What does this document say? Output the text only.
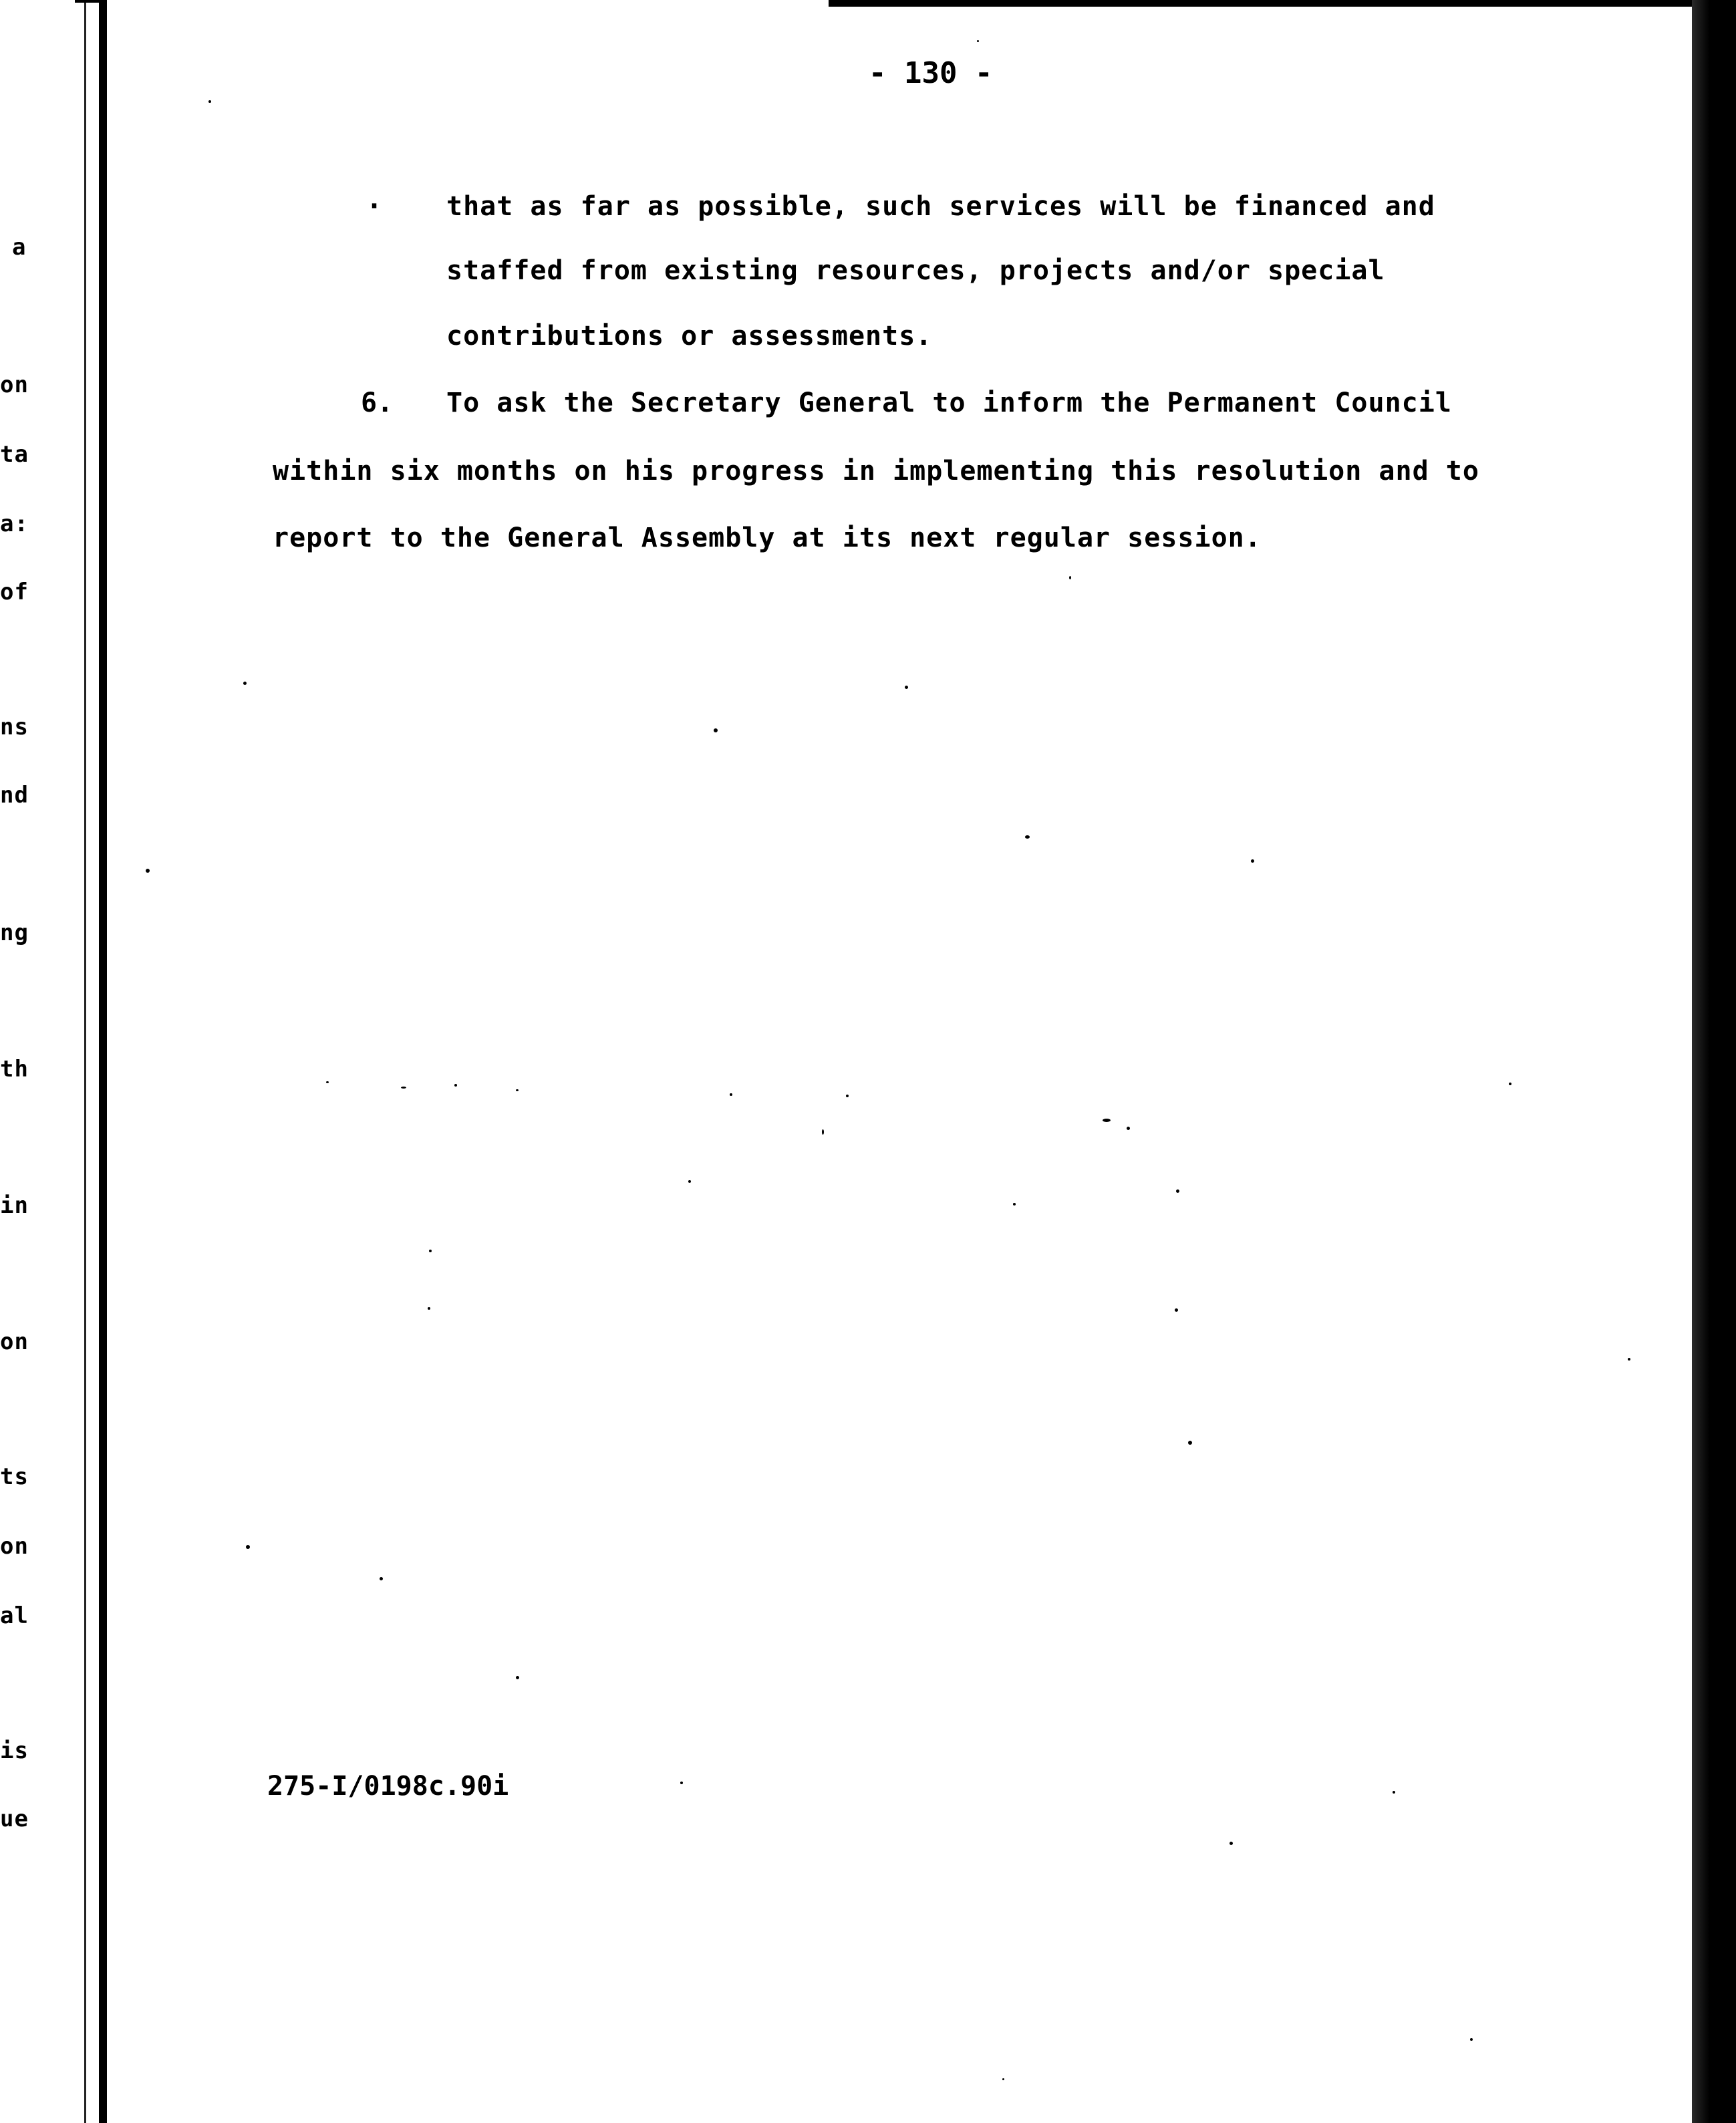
a
on
ta
a:
of
ns
nd
ng
th
in
on
ts
on
al
is
ue
- 130 -
· that as far as possible, such services will be financed and
staffed from existing resources, projects and/or special
contributions or assessments.
6. To ask the Secretary General to inform the Permanent Council
within six months on his progress in implementing this resolution and to
report to the General Assembly at its next regular session.
275-I/0198c.90i
